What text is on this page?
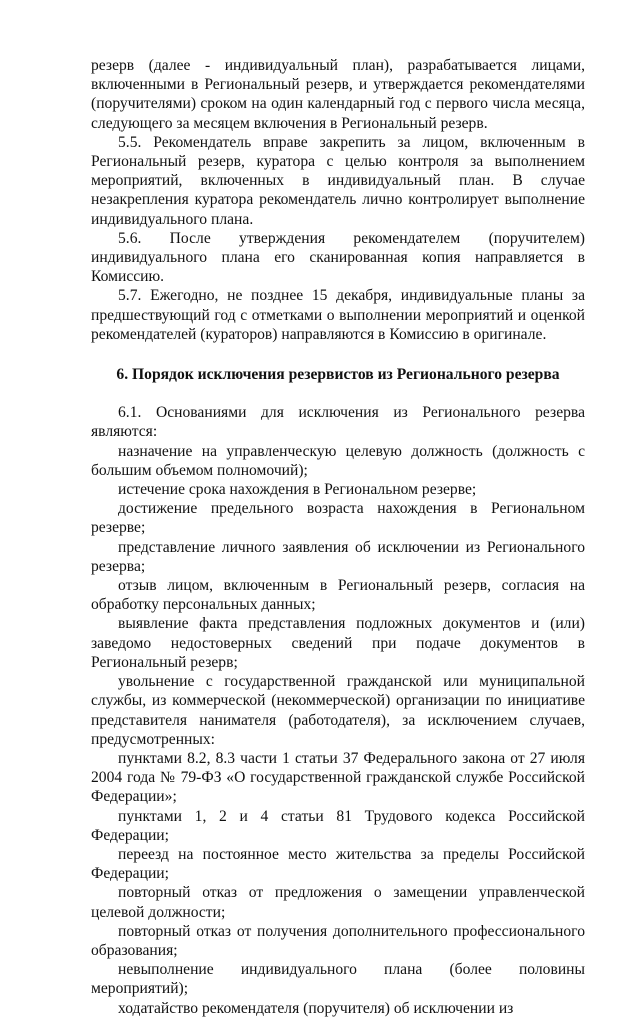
резерв (далее - индивидуальный план), разрабатывается лицами, включенными в Региональный резерв, и утверждается рекомендателями (поручителями) сроком на один календарный год с первого числа месяца, следующего за месяцем включения в Региональный резерв.

5.5. Рекомендатель вправе закрепить за лицом, включенным в Региональный резерв, куратора с целью контроля за выполнением мероприятий, включенных в индивидуальный план. В случае незакрепления куратора рекомендатель лично контролирует выполнение индивидуального плана.

5.6. После утверждения рекомендателем (поручителем) индивидуального плана его сканированная копия направляется в Комиссию.

5.7. Ежегодно, не позднее 15 декабря, индивидуальные планы за предшествующий год с отметками о выполнении мероприятий и оценкой рекомендателей (кураторов) направляются в Комиссию в оригинале.

6. Порядок исключения резервистов из Регионального резерва

6.1. Основаниями для исключения из Регионального резерва являются:

назначение на управленческую целевую должность (должность с большим объемом полномочий);

истечение срока нахождения в Региональном резерве;

достижение предельного возраста нахождения в Региональном резерве;

представление личного заявления об исключении из Регионального резерва;

отзыв лицом, включенным в Региональный резерв, согласия на обработку персональных данных;

выявление факта представления подложных документов и (или) заведомо недостоверных сведений при подаче документов в Региональный резерв;

увольнение с государственной гражданской или муниципальной службы, из коммерческой (некоммерческой) организации по инициативе представителя нанимателя (работодателя), за исключением случаев, предусмотренных:

пунктами 8.2, 8.3 части 1 статьи 37 Федерального закона от 27 июля 2004 года № 79-ФЗ «О государственной гражданской службе Российской Федерации»;

пунктами 1, 2 и 4 статьи 81 Трудового кодекса Российской Федерации;

переезд на постоянное место жительства за пределы Российской Федерации;

повторный отказ от предложения о замещении управленческой целевой должности;

повторный отказ от получения дополнительного профессионального образования;

невыполнение индивидуального плана (более половины мероприятий);

ходатайство рекомендателя (поручителя) об исключении из
